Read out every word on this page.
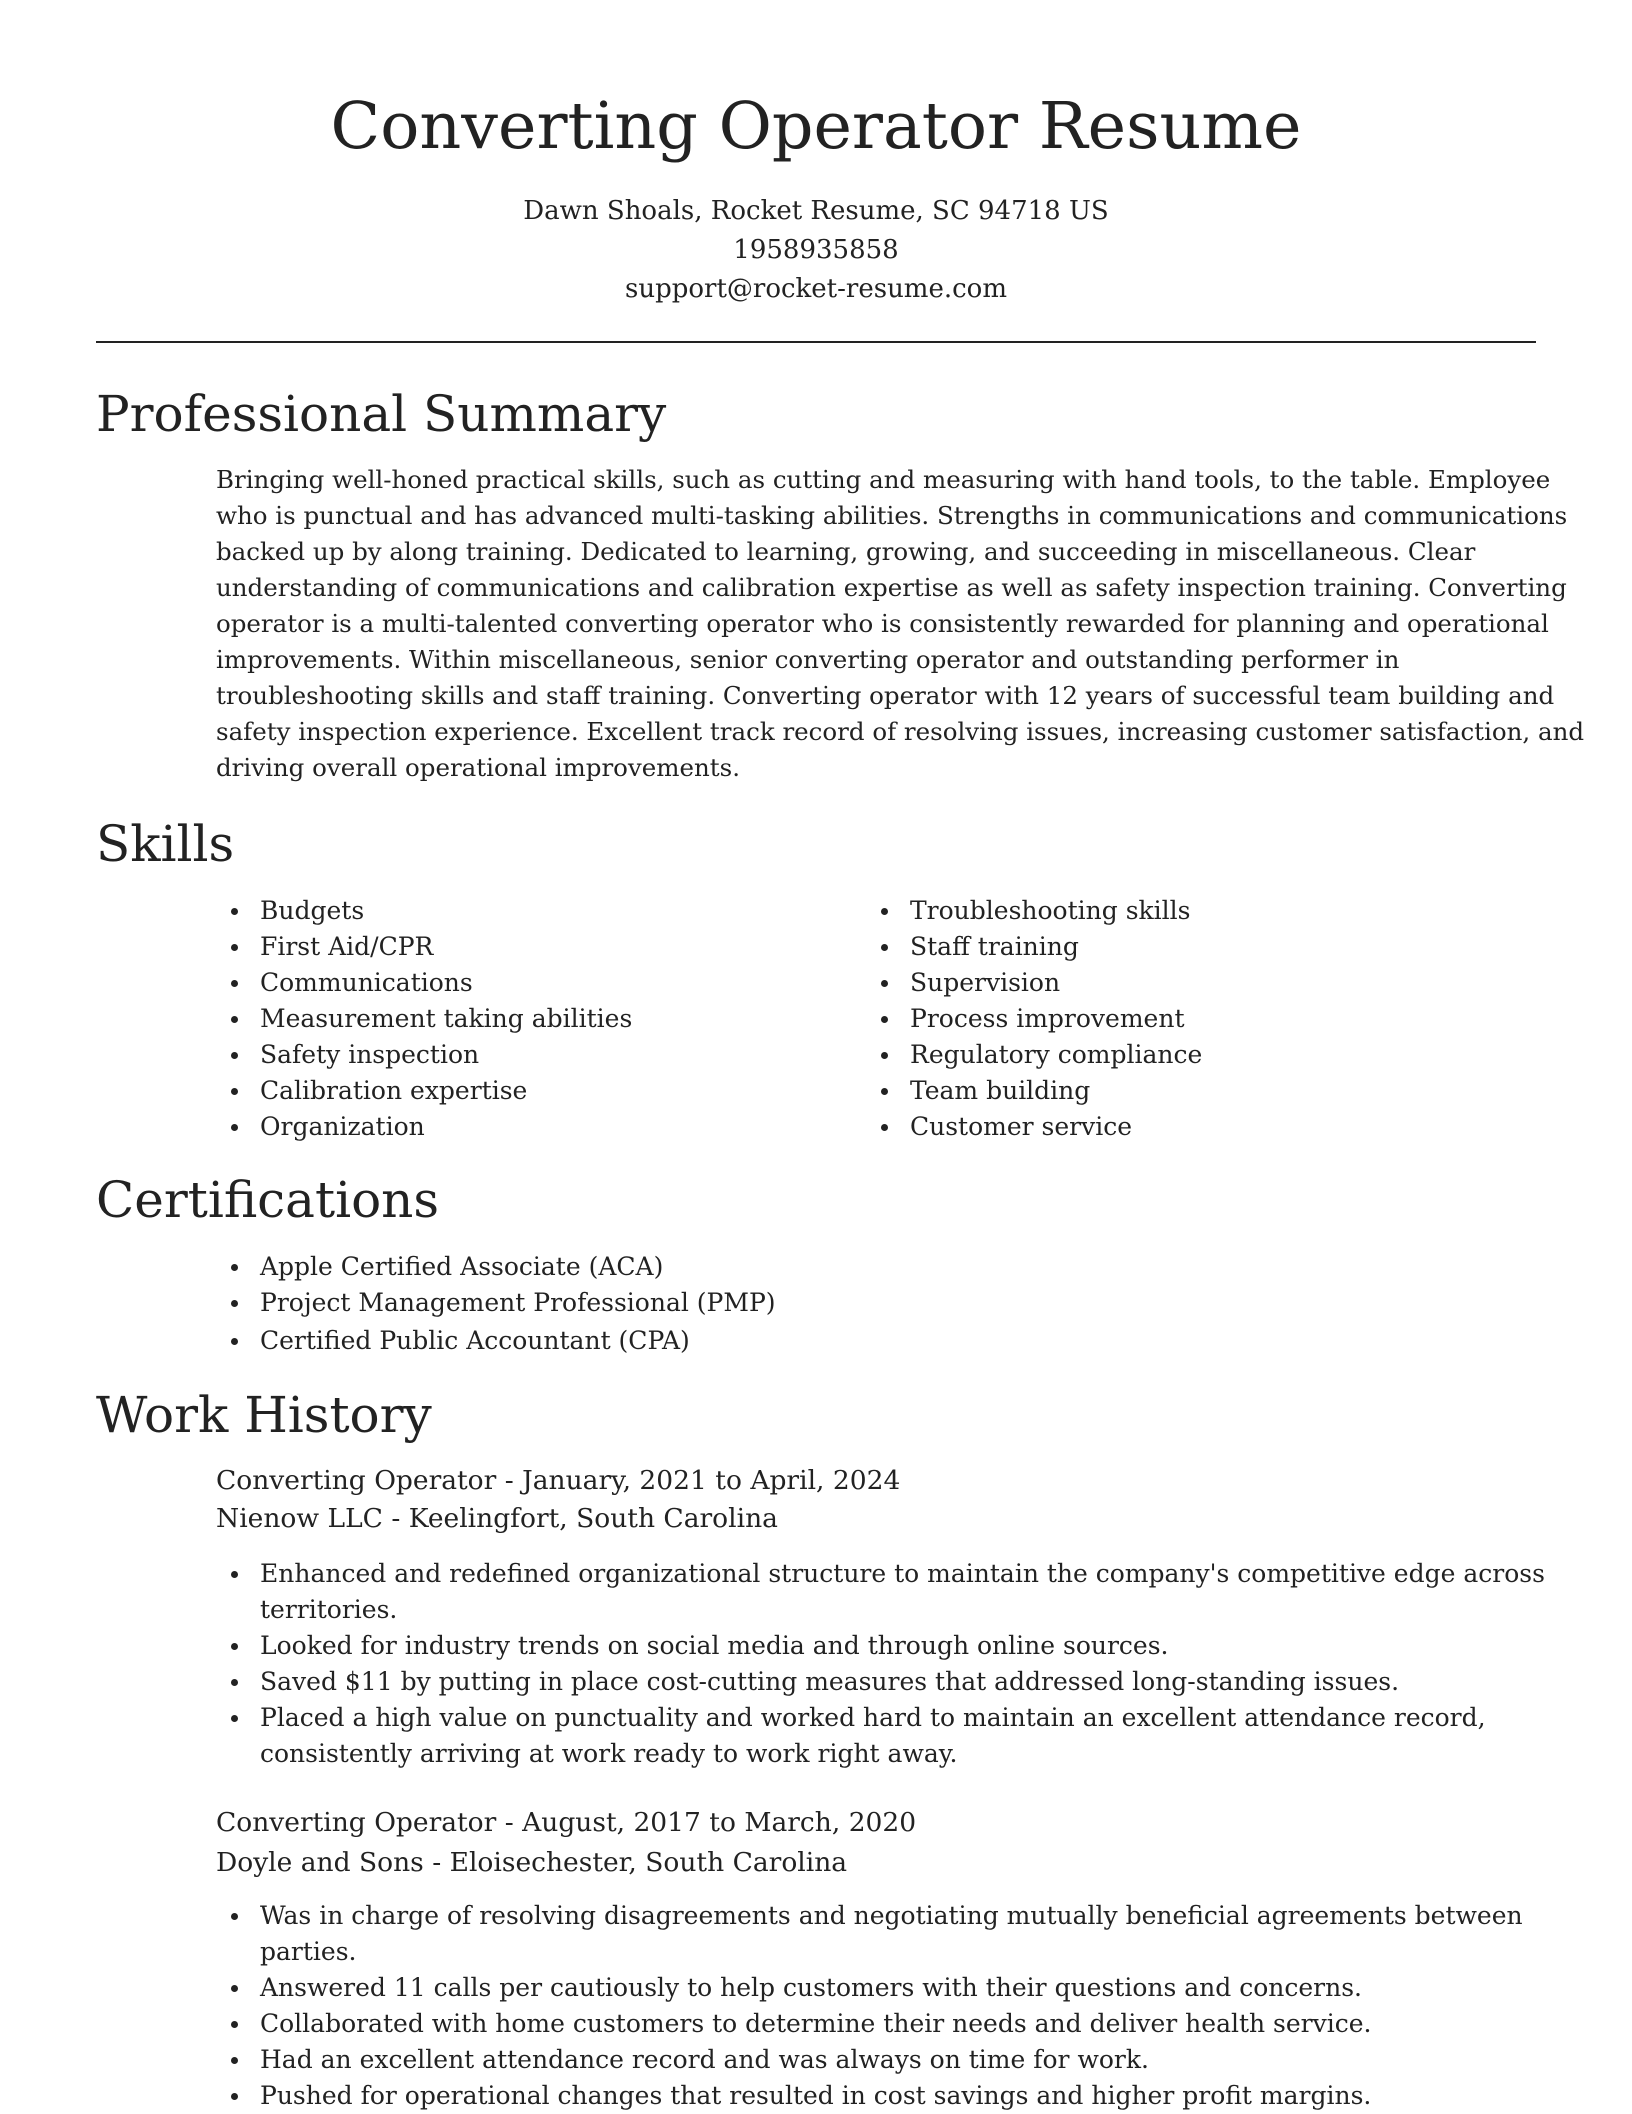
Converting Operator Resume
Dawn Shoals, Rocket Resume, SC 94718 US
1958935858
support@rocket-resume.com
Professional Summary

Bringing well-honed practical skills, such as cutting and measuring with hand tools, to the table. Employee
who is punctual and has advanced multi-tasking abilities. Strengths in communications and communications
backed up by along training. Dedicated to learning, growing, and succeeding in miscellaneous. Clear
understanding of communications and calibration expertise as well as safety inspection training. Converting
operator is a multi-talented converting operator who is consistently rewarded for planning and operational
improvements. Within miscellaneous, senior converting operator and outstanding performer in
troubleshooting skills and staff training. Converting operator with 12 years of successful team building and
safety inspection experience. Excellent track record of resolving issues, increasing customer satisfaction, and
driving overall operational improvements.

Skills
Budgets
First Aid/CPR
Communications
Measurement taking abilities
Safety inspection
Calibration expertise
Organization
Troubleshooting skills
Staff training
Supervision
Process improvement
Regulatory compliance
Team building
Customer service
Certifications
Apple Certified Associate (ACA)
Project Management Professional (PMP)
Certified Public Accountant (CPA)
Work History
Converting Operator - January, 2021 to April, 2024
Nienow LLC - Keelingfort, South Carolina
Enhanced and redefined organizational structure to maintain the company's competitive edge across
territories.
Looked for industry trends on social media and through online sources.
Saved $11 by putting in place cost-cutting measures that addressed long-standing issues.
Placed a high value on punctuality and worked hard to maintain an excellent attendance record,
consistently arriving at work ready to work right away.
Converting Operator - August, 2017 to March, 2020
Doyle and Sons - Eloisechester, South Carolina
Was in charge of resolving disagreements and negotiating mutually beneficial agreements between
parties.
Answered 11 calls per cautiously to help customers with their questions and concerns.
Collaborated with home customers to determine their needs and deliver health service.
Had an excellent attendance record and was always on time for work.
Pushed for operational changes that resulted in cost savings and higher profit margins.
